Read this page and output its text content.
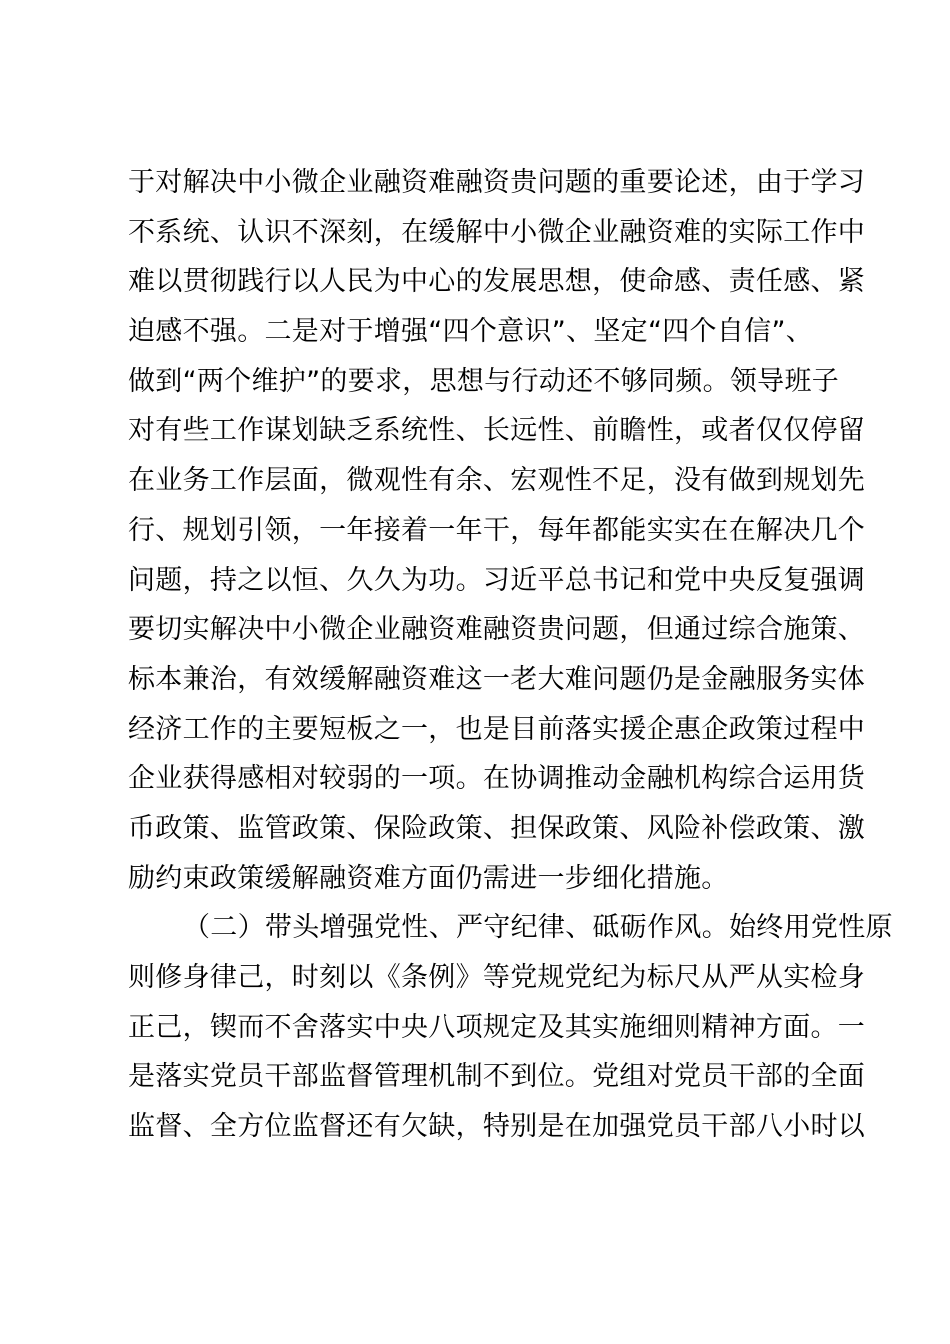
于对解决中小微企业融资难融资贵问题的重要论述，由于学习
不系统、认识不深刻，在缓解中小微企业融资难的实际工作中
难以贯彻践行以人民为中心的发展思想，使命感、责任感、紧
迫感不强。二是对于增强“四个意识”、坚定“四个自信”、
做到“两个维护”的要求，思想与行动还不够同频。领导班子
对有些工作谋划缺乏系统性、长远性、前瞻性，或者仅仅停留
在业务工作层面，微观性有余、宏观性不足，没有做到规划先
行、规划引领，一年接着一年干，每年都能实实在在解决几个
问题，持之以恒、久久为功。习近平总书记和党中央反复强调
要切实解决中小微企业融资难融资贵问题，但通过综合施策、
标本兼治，有效缓解融资难这一老大难问题仍是金融服务实体
经济工作的主要短板之一，也是目前落实援企惠企政策过程中
企业获得感相对较弱的一项。在协调推动金融机构综合运用货
币政策、监管政策、保险政策、担保政策、风险补偿政策、激
励约束政策缓解融资难方面仍需进一步细化措施。
（二）带头增强党性、严守纪律、砥砺作风。始终用党性原
则修身律己，时刻以《条例》等党规党纪为标尺从严从实检身
正己，锲而不舍落实中央八项规定及其实施细则精神方面。一
是落实党员干部监督管理机制不到位。党组对党员干部的全面
监督、全方位监督还有欠缺，特别是在加强党员干部八小时以
